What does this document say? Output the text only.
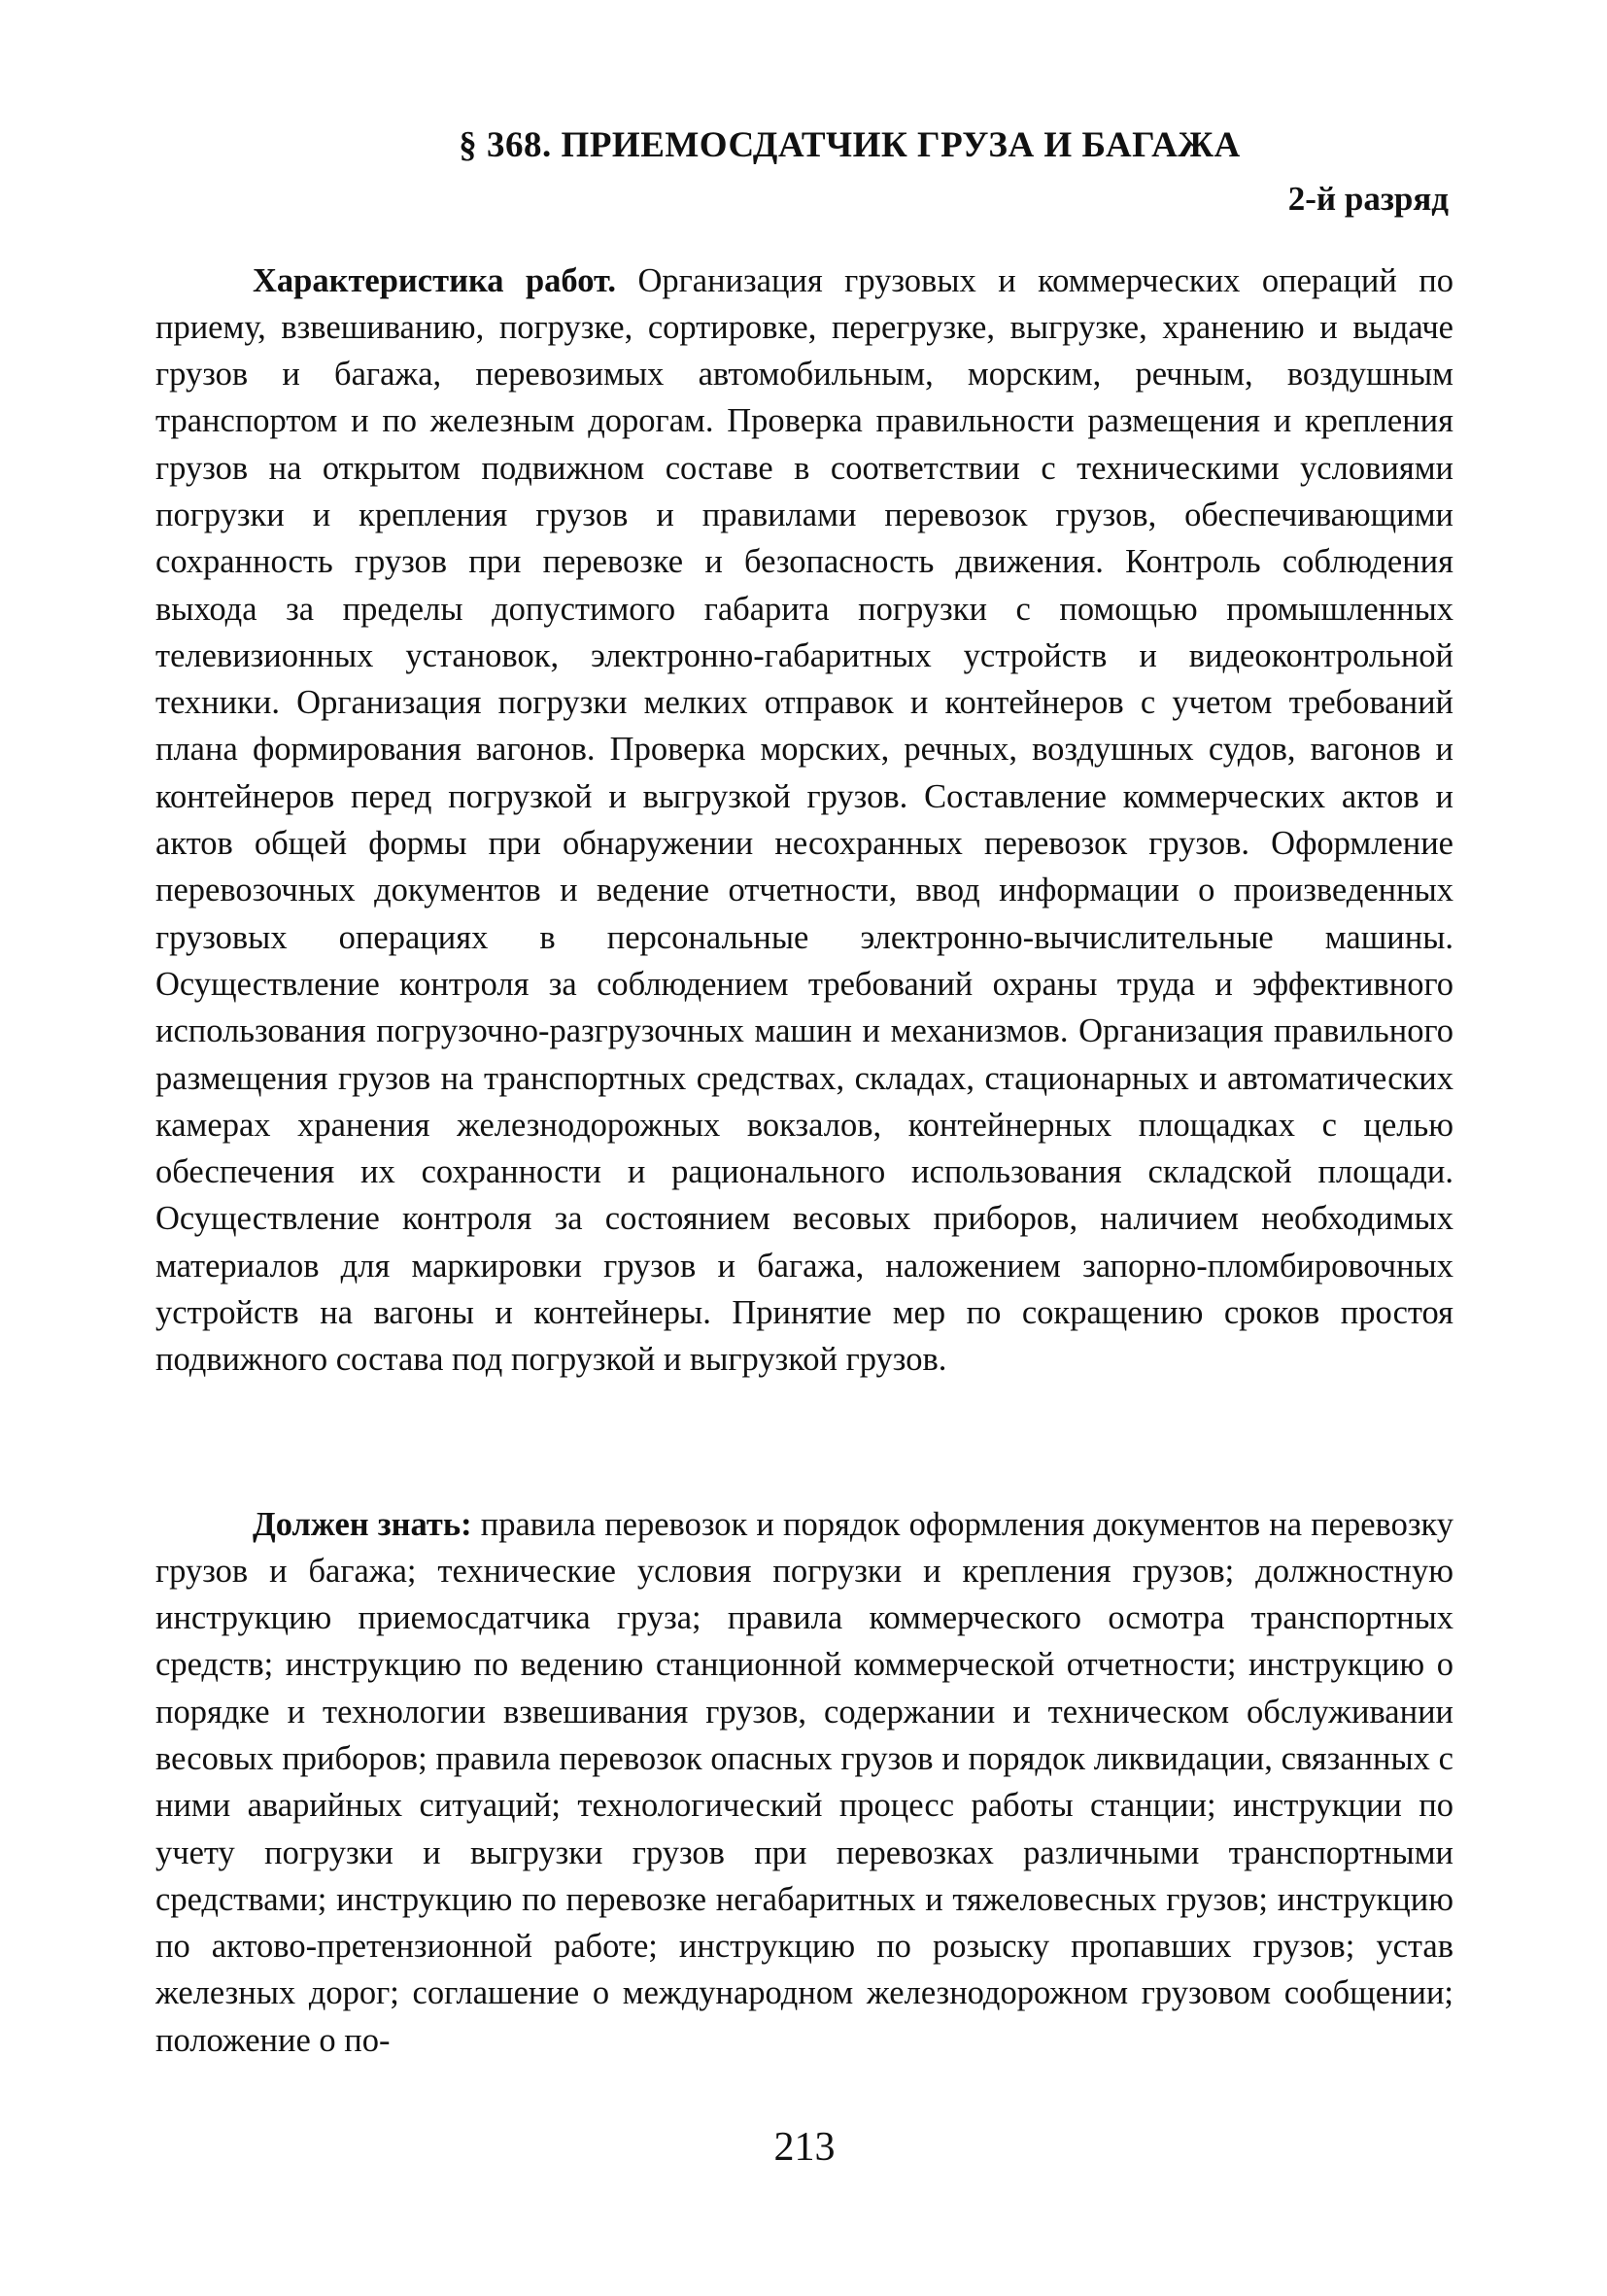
§ 368. ПРИЕМОСДАТЧИК ГРУЗА И БАГАЖА
2-й разряд

Характеристика работ. Организация грузовых и коммерческих операций по приему, взвешиванию, погрузке, сортировке, перегрузке, выгрузке, хранению и выдаче грузов и багажа, перевозимых автомобильным, морским, речным, воздушным транспортом и по железным дорогам. Проверка правильности размещения и крепления грузов на открытом подвижном составе в соответствии с техническими условиями погрузки и крепления грузов и правилами перевозок грузов, обеспечивающими сохранность грузов при перевозке и безопасность движения. Контроль соблюдения выхода за пределы допустимого габарита погрузки с помощью промышленных телевизионных установок, электронно-габаритных устройств и видеоконтрольной техники. Организация погрузки мелких отправок и контейнеров с учетом требований плана формирования вагонов. Проверка морских, речных, воздушных судов, вагонов и контейнеров перед погрузкой и выгрузкой грузов. Составление коммерческих актов и актов общей формы при обнаружении несохранных перевозок грузов. Оформление перевозочных документов и ведение отчетности, ввод информации о произведенных грузовых операциях в персональные электронно-вычислительные машины. Осуществление контроля за соблюдением требований охраны труда и эффективного использования погрузочно-разгрузочных машин и механизмов. Организация правильного размещения грузов на транспортных средствах, складах, стационарных и автоматических камерах хранения железнодорожных вокзалов, контейнерных площадках с целью обеспечения их сохранности и рационального использования складской площади. Осуществление контроля за состоянием весовых приборов, наличием необходимых материалов для маркировки грузов и багажа, наложением запорно-пломбировочных устройств на вагоны и контейнеры. Принятие мер по сокращению сроков простоя подвижного состава под погрузкой и выгрузкой грузов.

Должен знать: правила перевозок и порядок оформления документов на перевозку грузов и багажа; технические условия погрузки и крепления грузов; должностную инструкцию приемосдатчика груза; правила коммерческого осмотра транспортных средств; инструкцию по ведению станционной коммерческой отчетности; инструкцию о порядке и технологии взвешивания грузов, содержании и техническом обслуживании весовых приборов; правила перевозок опасных грузов и порядок ликвидации, связанных с ними аварийных ситуаций; технологический процесс работы станции; инструкции по учету погрузки и выгрузки грузов при перевозках различными транспортными средствами; инструкцию по перевозке негабаритных и тяжеловесных грузов; инструкцию по актово-претензионной работе; инструкцию по розыску пропавших грузов; устав железных дорог; соглашение о международном железнодорожном грузовом сообщении; положение о по-

213
